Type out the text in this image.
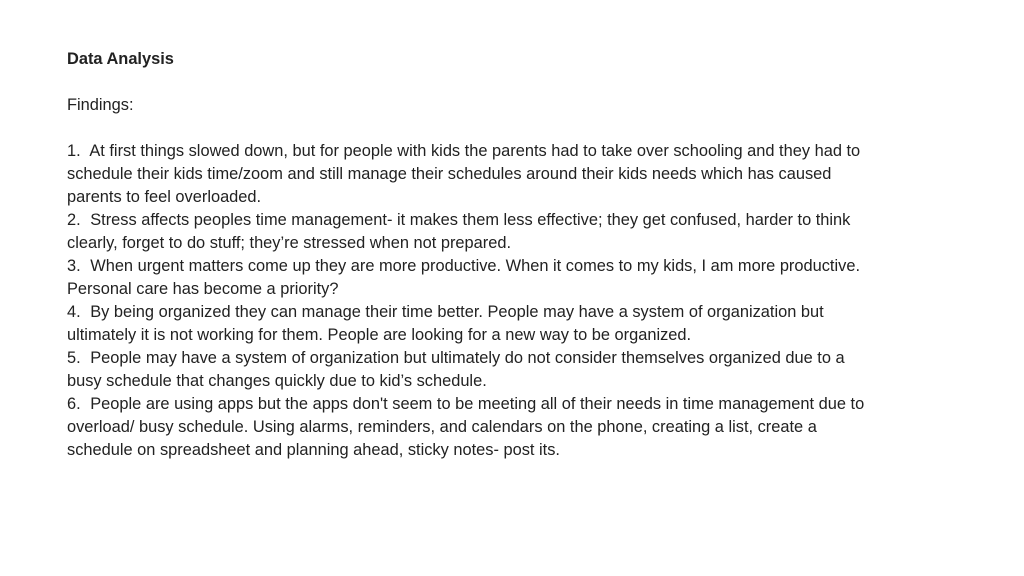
Data Analysis
Findings:

1. At first things slowed down, but for people with kids the parents had to take over schooling and they had to schedule their kids time/zoom and still manage their schedules around their kids needs which has caused parents to feel overloaded.

2. Stress affects peoples time management- it makes them less effective; they get confused, harder to think clearly, forget to do stuff; they’re stressed when not prepared.

3. When urgent matters come up they are more productive. When it comes to my kids, I am more productive. Personal care has become a priority?

4. By being organized they can manage their time better. People may have a system of organization but ultimately it is not working for them. People are looking for a new way to be organized.

5. People may have a system of organization but ultimately do not consider themselves organized due to a busy schedule that changes quickly due to kid’s schedule.

6. People are using apps but the apps don't seem to be meeting all of their needs in time management due to overload/ busy schedule. Using alarms, reminders, and calendars on the phone, creating a list, create a schedule on spreadsheet and planning ahead, sticky notes- post its.
